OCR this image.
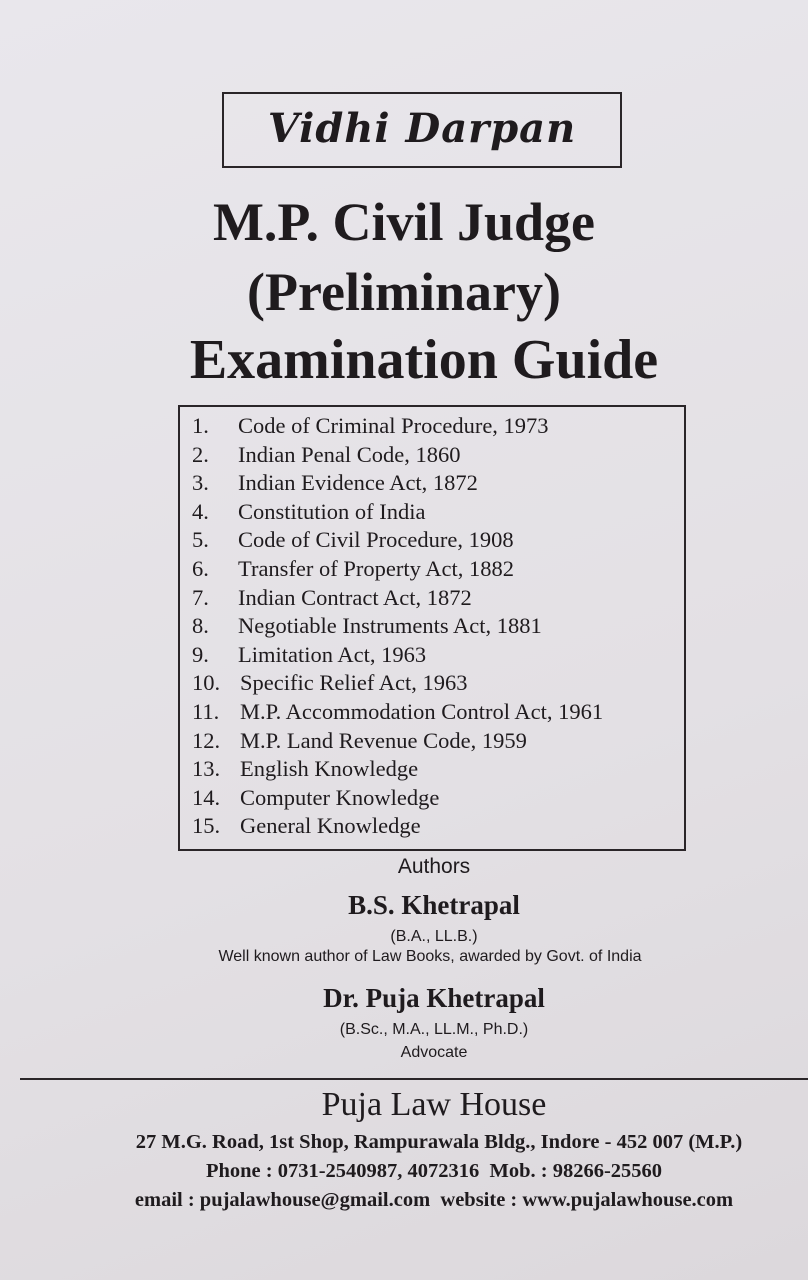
Vidhi Darpan
M.P. Civil Judge
(Preliminary)
Examination Guide
1. Code of Criminal Procedure, 1973
2. Indian Penal Code, 1860
3. Indian Evidence Act, 1872
4. Constitution of India
5. Code of Civil Procedure, 1908
6. Transfer of Property Act, 1882
7. Indian Contract Act, 1872
8. Negotiable Instruments Act, 1881
9. Limitation Act, 1963
10. Specific Relief Act, 1963
11. M.P. Accommodation Control Act, 1961
12. M.P. Land Revenue Code, 1959
13. English Knowledge
14. Computer Knowledge
15. General Knowledge
Authors
B.S. Khetrapal
(B.A., LL.B.)
Well known author of Law Books, awarded by Govt. of India
Dr. Puja Khetrapal
(B.Sc., M.A., LL.M., Ph.D.)
Advocate
Puja Law House
27 M.G. Road, 1st Shop, Rampurawala Bldg., Indore - 452 007 (M.P.)
Phone : 0731-2540987, 4072316  Mob. : 98266-25560
email : pujalawhouse@gmail.com  website : www.pujalawhouse.com
